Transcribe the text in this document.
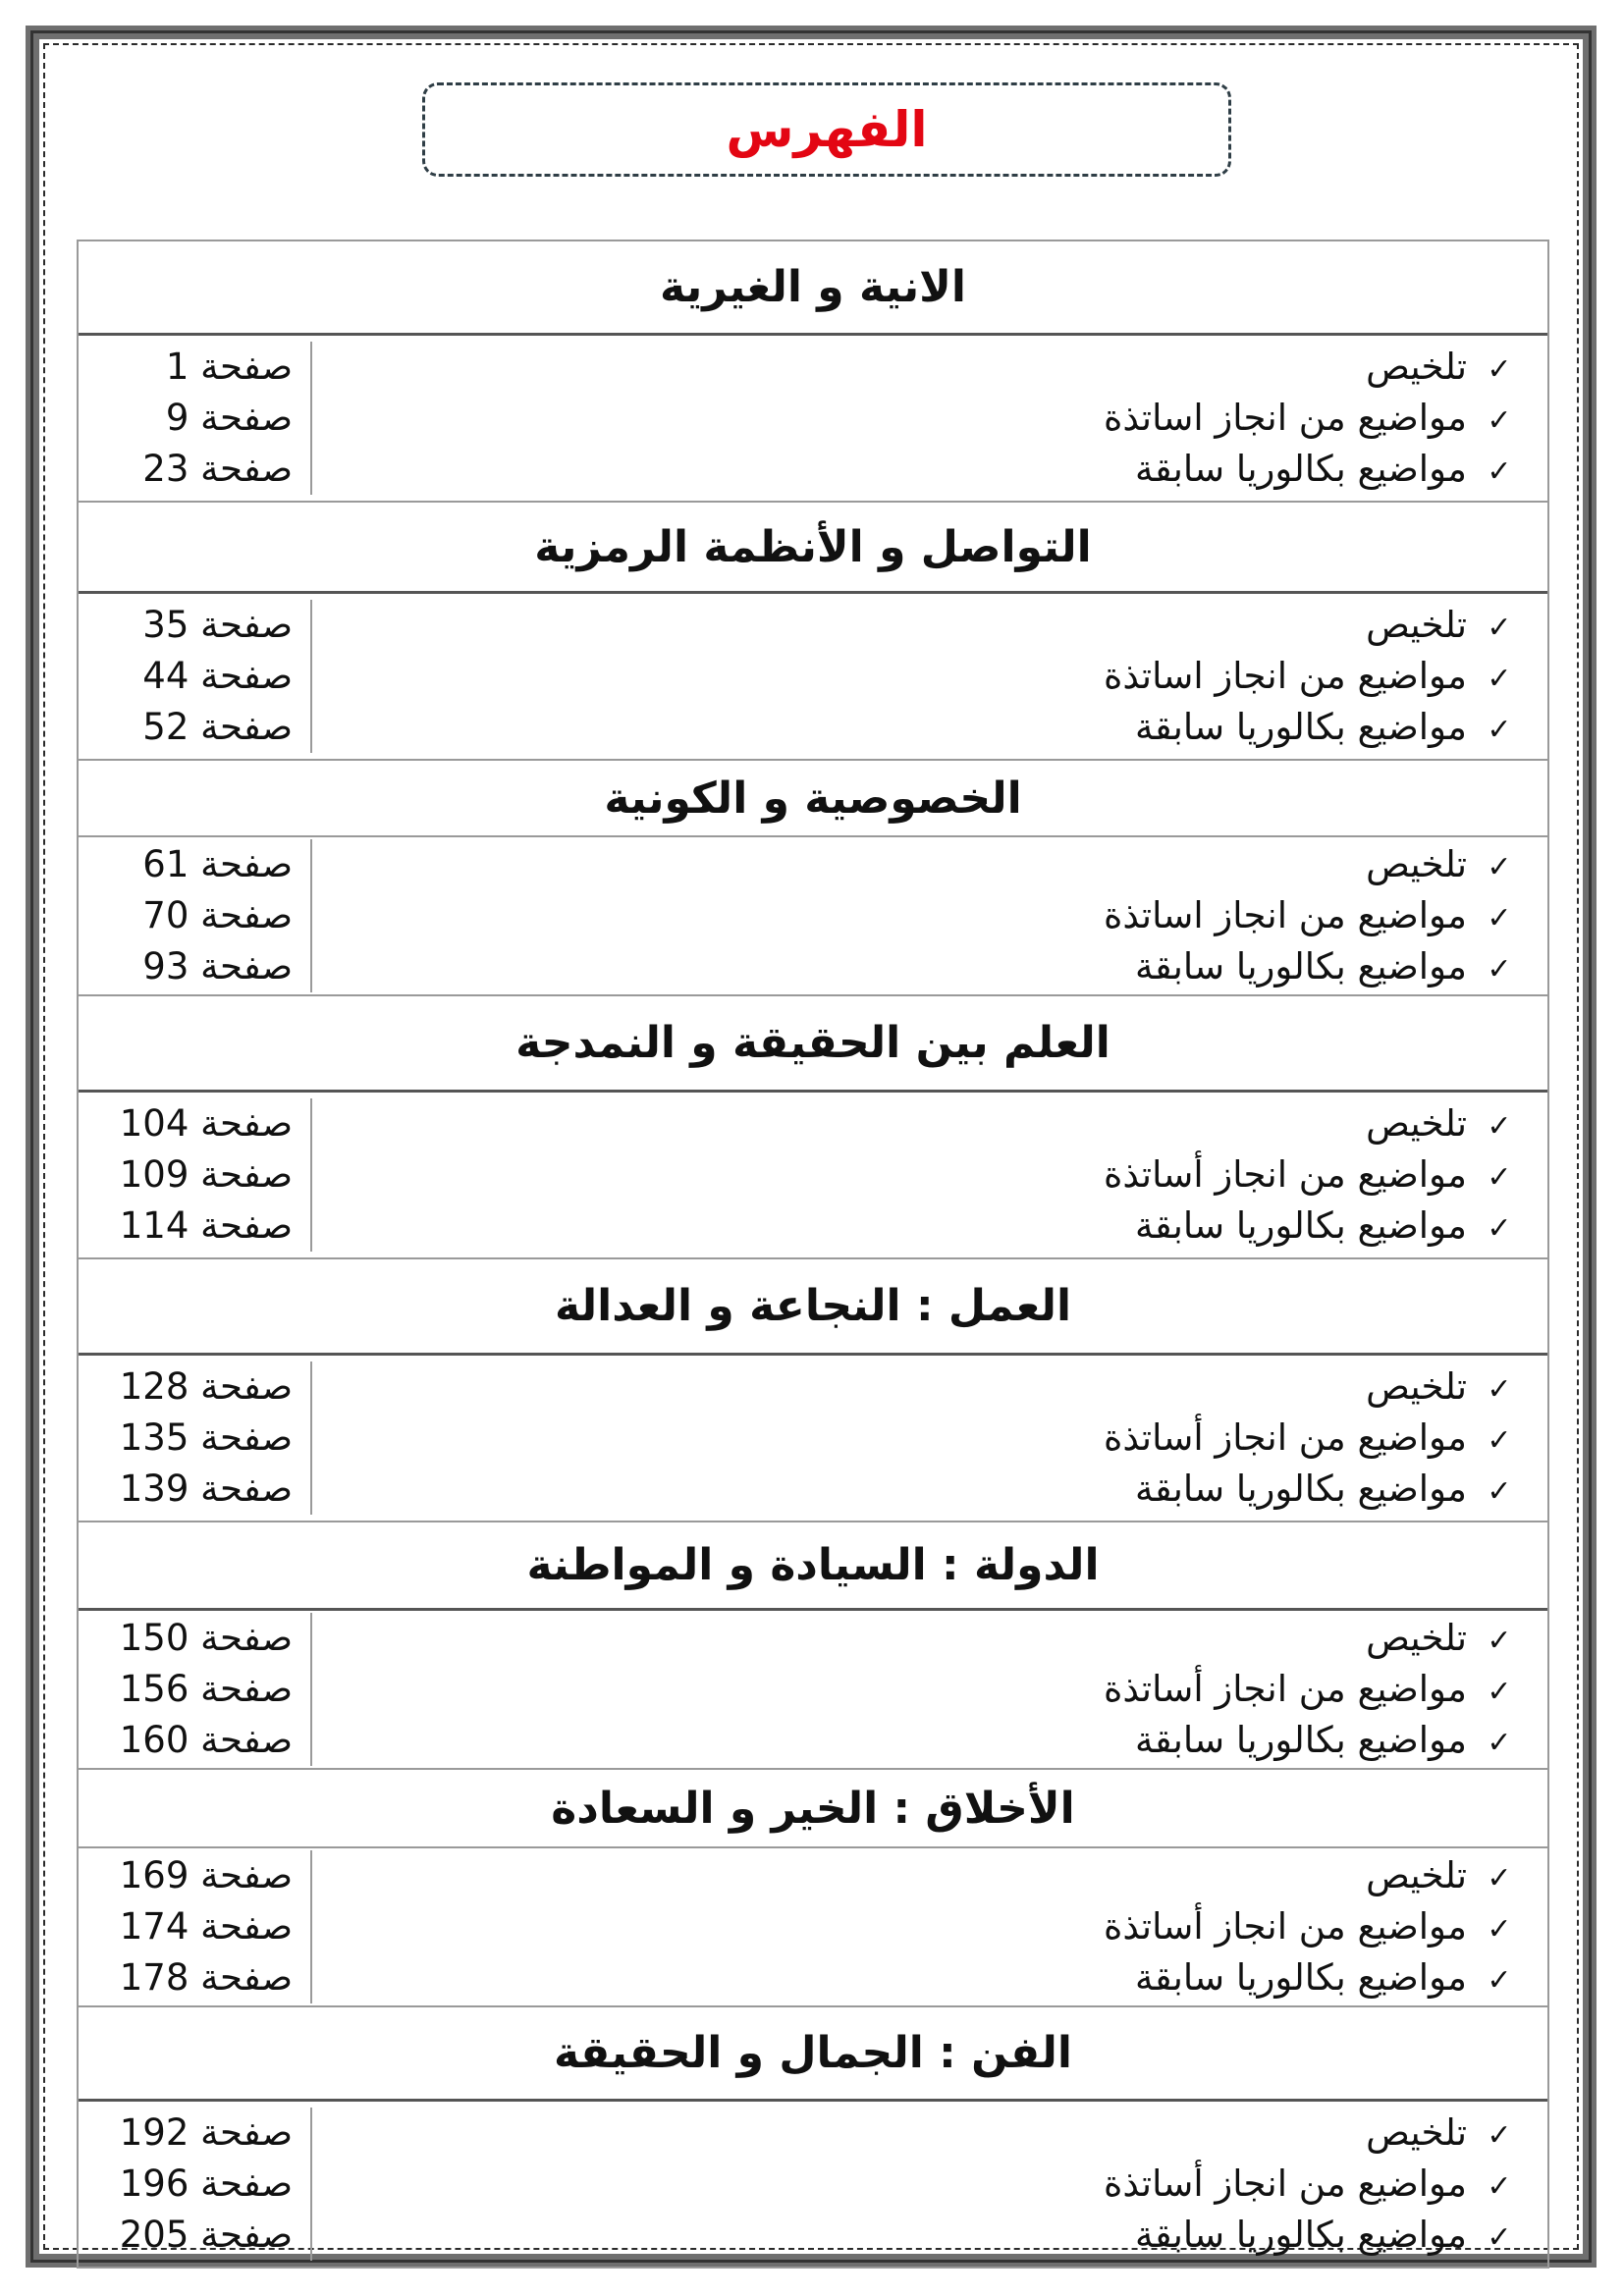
الفهرس
الانية و الغيرية
✓تلخيص
✓مواضيع من انجاز اساتذة
✓مواضيع بكالوريا سابقة
صفحة 1
صفحة 9
صفحة 23
التواصل و الأنظمة الرمزية
✓تلخيص
✓مواضيع من انجاز اساتذة
✓مواضيع بكالوريا سابقة
صفحة 35
صفحة 44
صفحة 52
الخصوصية و الكونية
✓تلخيص
✓مواضيع من انجاز اساتذة
✓مواضيع بكالوريا سابقة
صفحة 61
صفحة 70
صفحة 93
العلم بين الحقيقة و النمدجة
✓تلخيص
✓مواضيع من انجاز أساتذة
✓مواضيع بكالوريا سابقة
صفحة 104
صفحة 109
صفحة 114
العمل : النجاعة و العدالة
✓تلخيص
✓مواضيع من انجاز أساتذة
✓مواضيع بكالوريا سابقة
صفحة 128
صفحة 135
صفحة 139
الدولة : السيادة و المواطنة
✓تلخيص
✓مواضيع من انجاز أساتذة
✓مواضيع بكالوريا سابقة
صفحة 150
صفحة 156
صفحة 160
الأخلاق : الخير و السعادة
✓تلخيص
✓مواضيع من انجاز أساتذة
✓مواضيع بكالوريا سابقة
صفحة 169
صفحة 174
صفحة 178
الفن : الجمال و الحقيقة
✓تلخيص
✓مواضيع من انجاز أساتذة
✓مواضيع بكالوريا سابقة
صفحة 192
صفحة 196
صفحة 205
